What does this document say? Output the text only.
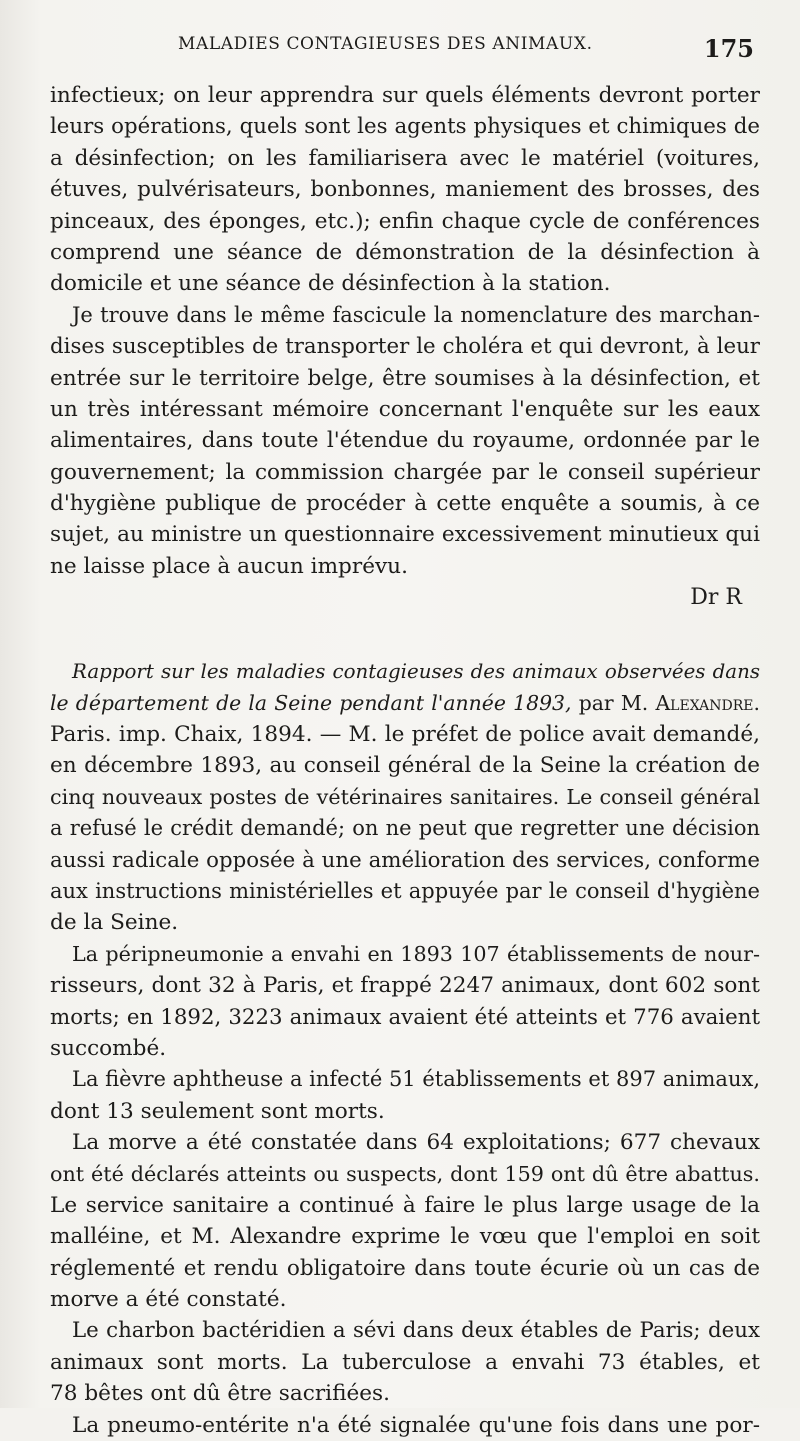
MALADIES CONTAGIEUSES DES ANIMAUX.	175
infectieux; on leur apprendra sur quels éléments devront porter
leurs opérations, quels sont les agents physiques et chimiques de
a désinfection; on les familiarisera avec le matériel (voitures,
étuves, pulvérisateurs, bonbonnes, maniement des brosses, des
pinceaux, des éponges, etc.); enfin chaque cycle de conférences
comprend une séance de démonstration de la désinfection à
domicile et une séance de désinfection à la station.
Je trouve dans le même fascicule la nomenclature des marchan-
dises susceptibles de transporter le choléra et qui devront, à leur
entrée sur le territoire belge, être soumises à la désinfection, et
un très intéressant mémoire concernant l'enquête sur les eaux
alimentaires, dans toute l'étendue du royaume, ordonnée par le
gouvernement; la commission chargée par le conseil supérieur
d'hygiène publique de procéder à cette enquête a soumis, à ce
sujet, au ministre un questionnaire excessivement minutieux qui
ne laisse place à aucun imprévu.
Dr R
Rapport sur les maladies contagieuses des animaux observées dans
le département de la Seine pendant l'année 1893, par M. Alexandre.
Paris. imp. Chaix, 1894. — M. le préfet de police avait demandé,
en décembre 1893, au conseil général de la Seine la création de
cinq nouveaux postes de vétérinaires sanitaires. Le conseil général
a refusé le crédit demandé; on ne peut que regretter une décision
aussi radicale opposée à une amélioration des services, conforme
aux instructions ministérielles et appuyée par le conseil d'hygiène
de la Seine.
La péripneumonie a envahi en 1893 107 établissements de nour-
risseurs, dont 32 à Paris, et frappé 2247 animaux, dont 602 sont
morts; en 1892, 3223 animaux avaient été atteints et 776 avaient
succombé.
La fièvre aphtheuse a infecté 51 établissements et 897 animaux,
dont 13 seulement sont morts.
La morve a été constatée dans 64 exploitations; 677 chevaux
ont été déclarés atteints ou suspects, dont 159 ont dû être abattus.
Le service sanitaire a continué à faire le plus large usage de la
malléine, et M. Alexandre exprime le vœu que l'emploi en soit
réglementé et rendu obligatoire dans toute écurie où un cas de
morve a été constaté.
Le charbon bactéridien a sévi dans deux étables de Paris; deux
animaux sont morts. La tuberculose a envahi 73 étables, et
78 bêtes ont dû être sacrifiées.
La pneumo-entérite n'a été signalée qu'une fois dans une por-
